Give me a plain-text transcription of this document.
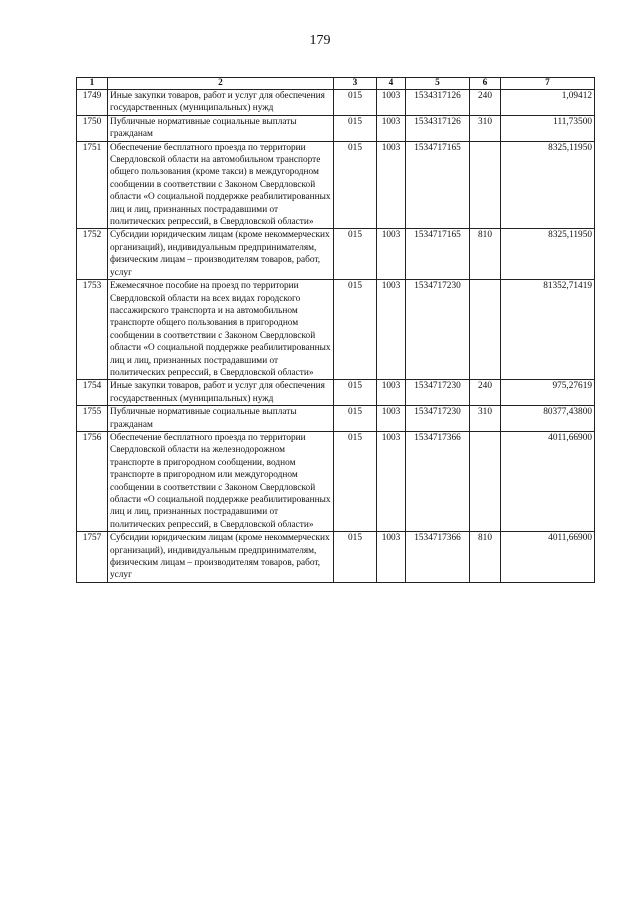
179
1	2	3	4	5	6	7
1749	Иные закупки товаров, работ и услуг для обеспечения государственных (муниципальных) нужд	015	1003	1534317126	240	1,09412
1750	Публичные нормативные социальные выплаты гражданам	015	1003	1534317126	310	111,73500
1751	Обеспечение бесплатного проезда по территории Свердловской области на автомобильном транспорте общего пользования (кроме такси) в междугородном сообщении в соответствии с Законом Свердловской области «О социальной поддержке реабилитированных лиц и лиц, признанных пострадавшими от политических репрессий, в Свердловской области»	015	1003	1534717165		8325,11950
1752	Субсидии юридическим лицам (кроме некоммерческих организаций), индивидуальным предпринимателям, физическим лицам – производителям товаров, работ, услуг	015	1003	1534717165	810	8325,11950
1753	Ежемесячное пособие на проезд по территории Свердловской области на всех видах городского пассажирского транспорта и на автомобильном транспорте общего пользования в пригородном сообщении в соответствии с Законом Свердловской области «О социальной поддержке реабилитированных лиц и лиц, признанных пострадавшими от политических репрессий, в Свердловской области»	015	1003	1534717230		81352,71419
1754	Иные закупки товаров, работ и услуг для обеспечения государственных (муниципальных) нужд	015	1003	1534717230	240	975,27619
1755	Публичные нормативные социальные выплаты гражданам	015	1003	1534717230	310	80377,43800
1756	Обеспечение бесплатного проезда по территории Свердловской области на железнодорожном транспорте в пригородном сообщении, водном транспорте в пригородном или междугородном сообщении в соответствии с Законом Свердловской области «О социальной поддержке реабилитированных лиц и лиц, признанных пострадавшими от политических репрессий, в Свердловской области»	015	1003	1534717366		4011,66900
1757	Субсидии юридическим лицам (кроме некоммерческих организаций), индивидуальным предпринимателям, физическим лицам – производителям товаров, работ, услуг	015	1003	1534717366	810	4011,66900
